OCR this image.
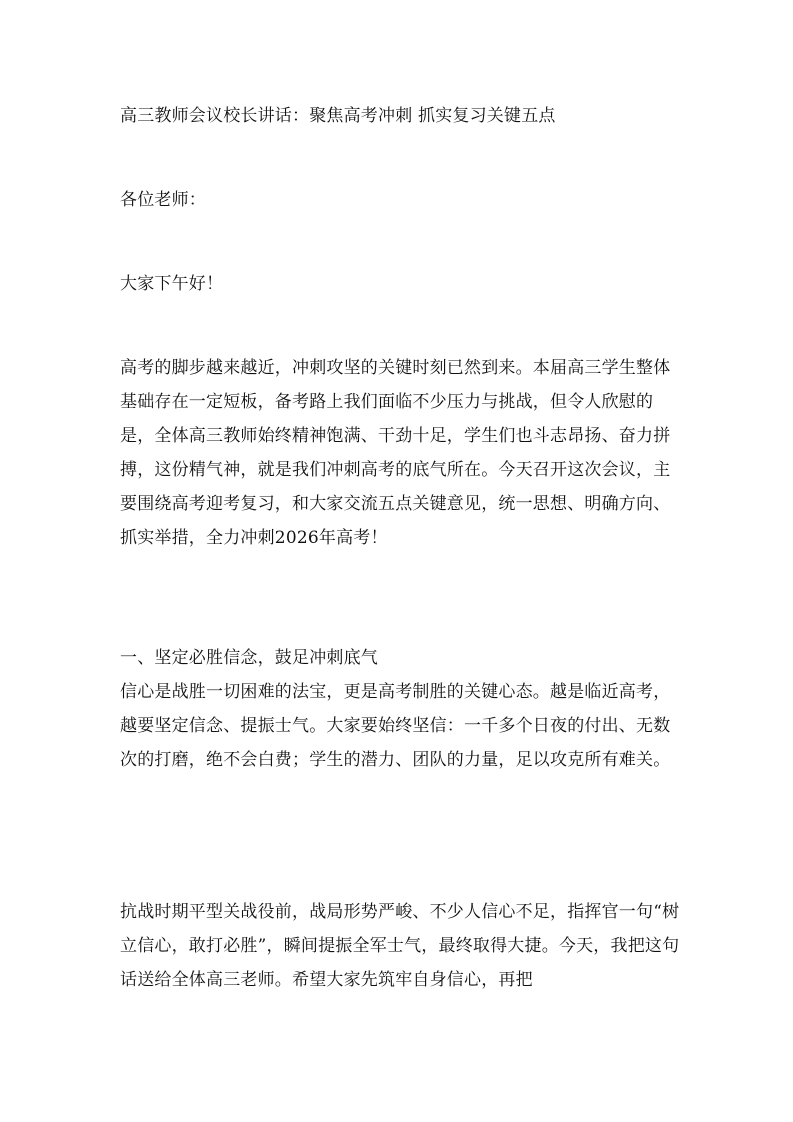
高三教师会议校长讲话：聚焦高考冲刺 抓实复习关键五点

各位老师：

大家下午好！

高考的脚步越来越近，冲刺攻坚的关键时刻已然到来。本届高三学生整体基础存在一定短板，备考路上我们面临不少压力与挑战，但令人欣慰的是，全体高三教师始终精神饱满、干劲十足，学生们也斗志昂扬、奋力拼搏，这份精气神，就是我们冲刺高考的底气所在。今天召开这次会议，主要围绕高考迎考复习，和大家交流五点关键意见，统一思想、明确方向、抓实举措，全力冲刺2026年高考！

一、坚定必胜信念，鼓足冲刺底气

信心是战胜一切困难的法宝，更是高考制胜的关键心态。越是临近高考，越要坚定信念、提振士气。大家要始终坚信：一千多个日夜的付出、无数次的打磨，绝不会白费；学生的潜力、团队的力量，足以攻克所有难关。

抗战时期平型关战役前，战局形势严峻、不少人信心不足，指挥官一句“树立信心，敢打必胜”，瞬间提振全军士气，最终取得大捷。今天，我把这句话送给全体高三老师。希望大家先筑牢自身信心，再把
